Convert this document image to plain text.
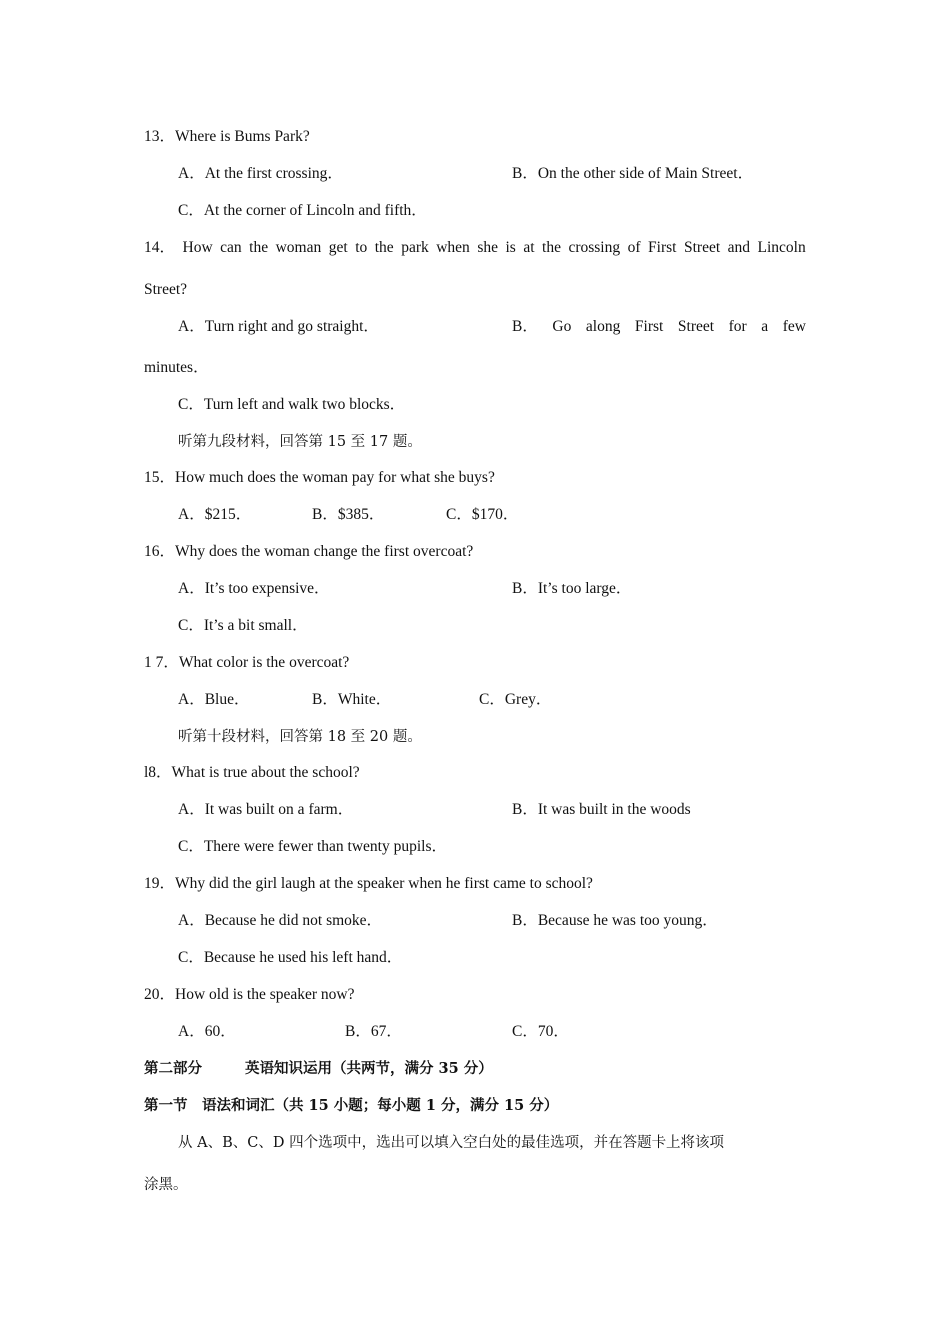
13．Where is Bums Park?
A．At the first crossing．	B．On the other side of Main Street．
C．At the corner of Lincoln and fifth．
14． How can the woman get to the park when she is at the crossing of First Street and Lincoln
Street?
A．Turn right and go straight．	B． Go along First Street for a few
minutes．
C．Turn left and walk two blocks．
听第九段材料，回答第 15 至 17 题。
15．How much does the woman pay for what she buys?
A．$215．	B．$385．	C．$170．
16．Why does the woman change the first overcoat?
A．It’s too expensive．	B．It’s too large．
C．It’s a bit small．
1 7．What color is the overcoat?
A．Blue．	B．White．	C．Grey．
听第十段材料，回答第 18 至 20 题。
l8．What is true about the school?
A．It was built on a farm．	B．It was built in the woods
C．There were fewer than twenty pupils．
19．Why did the girl laugh at the speaker when he first came to school?
A．Because he did not smoke．	B．Because he was too young．
C．Because he used his left hand．
20．How old is the speaker now?
A．60．	B．67．	C．70．
第二部分	英语知识运用（共两节，满分 35 分）
第一节　语法和词汇（共 15 小题；每小题 1 分，满分 15 分）
从 A、B、C、D 四个选项中，选出可以填入空白处的最佳选项，并在答题卡上将该项
涂黑。
